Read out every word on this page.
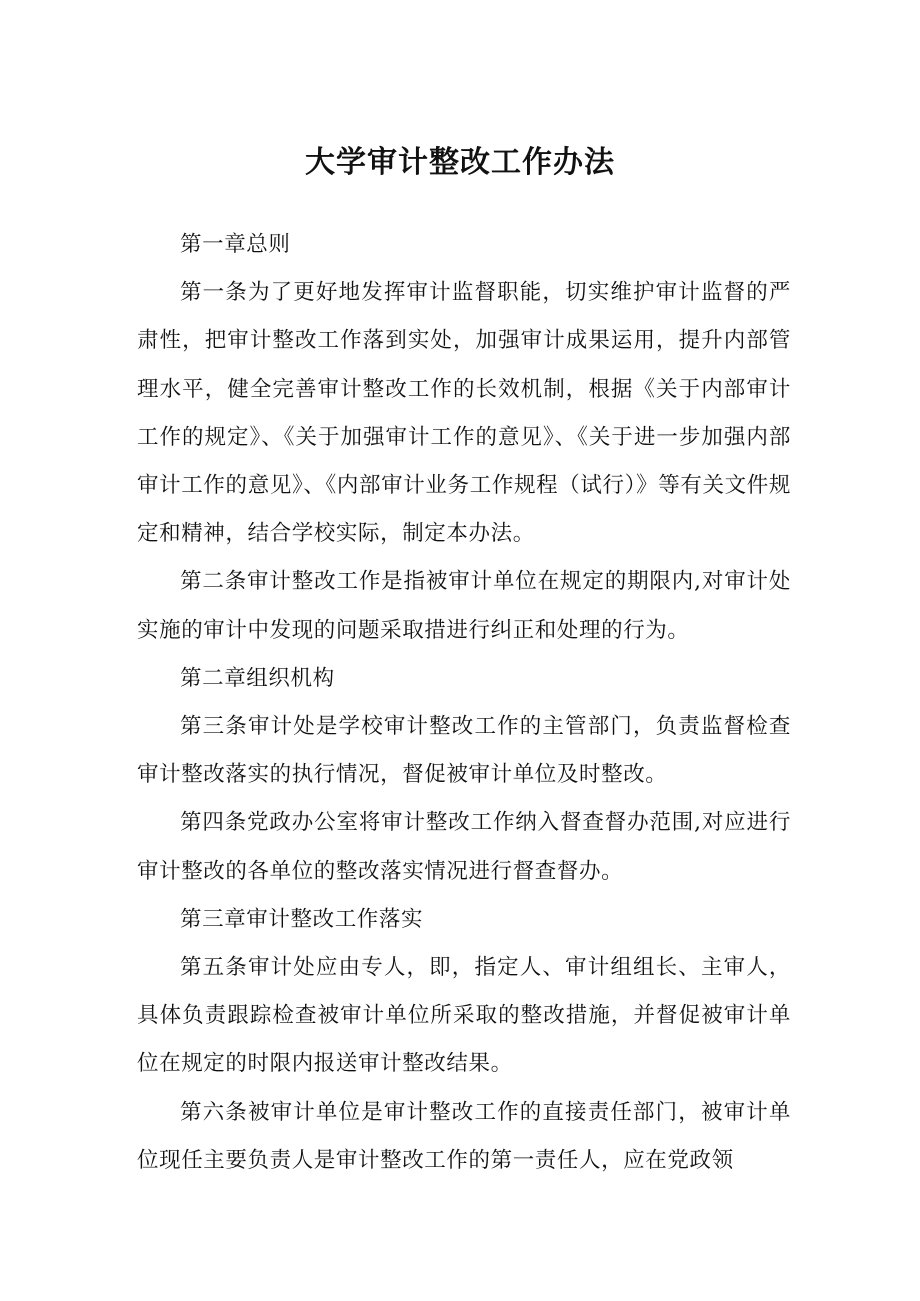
大学审计整改工作办法

第一章总则

第一条为了更好地发挥审计监督职能，切实维护审计监督的严肃性，把审计整改工作落到实处，加强审计成果运用，提升内部管理水平，健全完善审计整改工作的长效机制，根据《关于内部审计工作的规定》、《关于加强审计工作的意见》、《关于进一步加强内部审计工作的意见》、《内部审计业务工作规程（试行）》等有关文件规定和精神，结合学校实际，制定本办法。

第二条审计整改工作是指被审计单位在规定的期限内,对审计处实施的审计中发现的问题采取措进行纠正和处理的行为。

第二章组织机构

第三条审计处是学校审计整改工作的主管部门，负责监督检查审计整改落实的执行情况，督促被审计单位及时整改。

第四条党政办公室将审计整改工作纳入督查督办范围,对应进行审计整改的各单位的整改落实情况进行督查督办。

第三章审计整改工作落实

第五条审计处应由专人，即，指定人、审计组组长、主审人，具体负责跟踪检查被审计单位所采取的整改措施，并督促被审计单位在规定的时限内报送审计整改结果。

第六条被审计单位是审计整改工作的直接责任部门，被审计单位现任主要负责人是审计整改工作的第一责任人，应在党政领
